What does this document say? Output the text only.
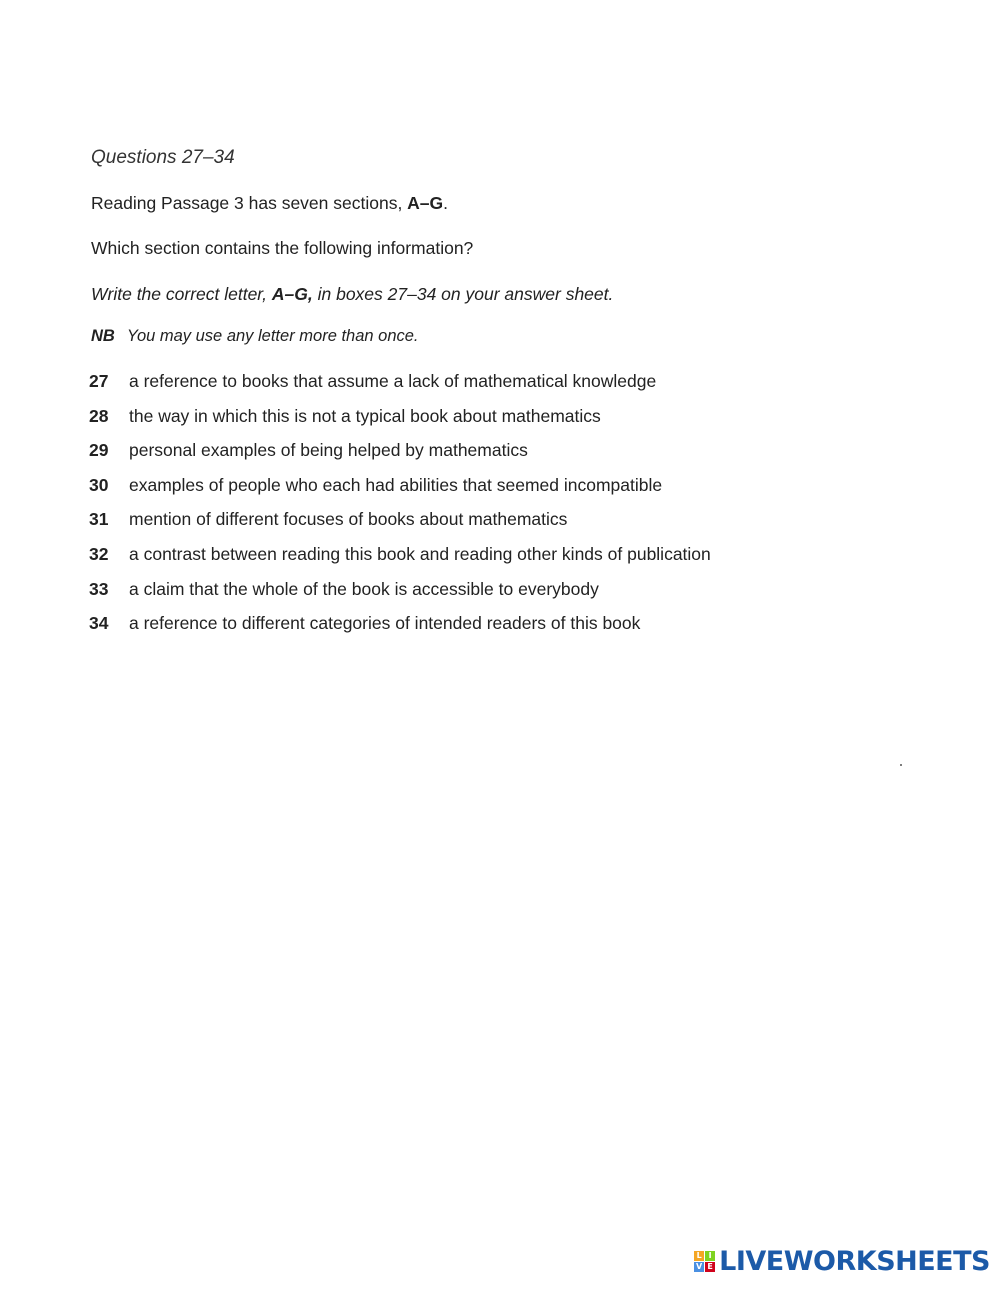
Questions 27–34
Reading Passage 3 has seven sections, A–G.
Which section contains the following information?
Write the correct letter, A–G, in boxes 27–34 on your answer sheet.
NB You may use any letter more than once.
27	a reference to books that assume a lack of mathematical knowledge
28	the way in which this is not a typical book about mathematics
29	personal examples of being helped by mathematics
30	examples of people who each had abilities that seemed incompatible
31	mention of different focuses of books about mathematics
32	a contrast between reading this book and reading other kinds of publication
33	a claim that the whole of the book is accessible to everybody
34	a reference to different categories of intended readers of this book
L I
V E LIVEWORKSHEETS
